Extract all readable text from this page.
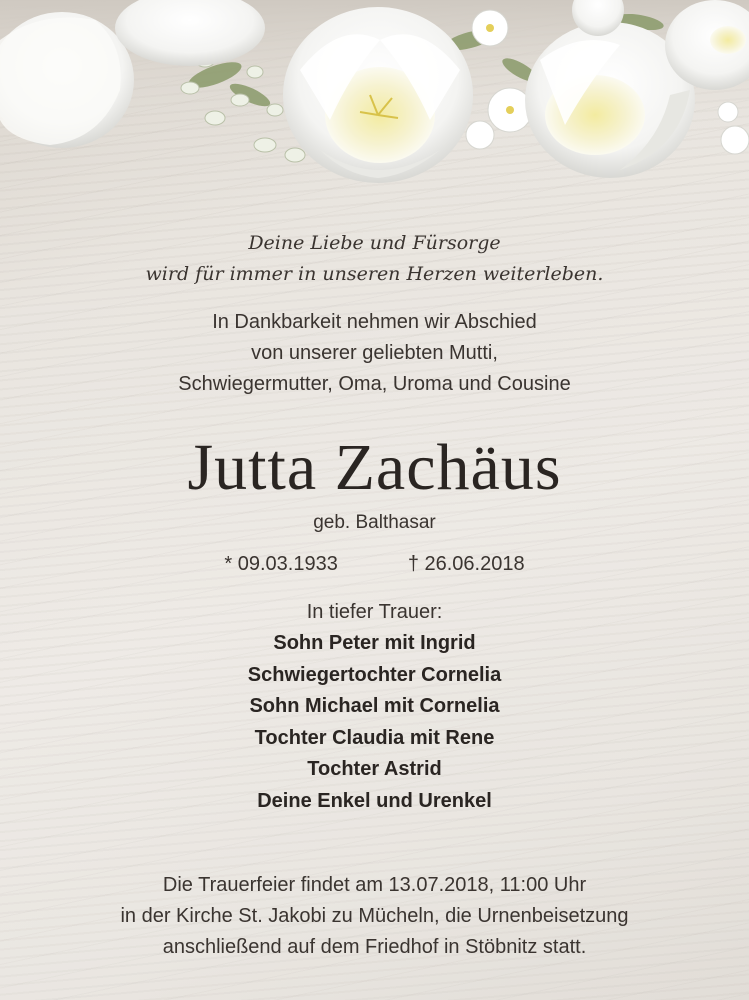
Deine Liebe und Fürsorge
wird für immer in unseren Herzen weiterleben.
In Dankbarkeit nehmen wir Abschied
von unserer geliebten Mutti,
Schwiegermutter, Oma, Uroma und Cousine
Jutta Zachäus
geb. Balthasar
* 09.03.1933	† 26.06.2018
In tiefer Trauer:
Sohn Peter mit Ingrid
Schwiegertochter Cornelia
Sohn Michael mit Cornelia
Tochter Claudia mit Rene
Tochter Astrid
Deine Enkel und Urenkel
Die Trauerfeier findet am 13.07.2018, 11:00 Uhr
in der Kirche St. Jakobi zu Mücheln, die Urnenbeisetzung
anschließend auf dem Friedhof in Stöbnitz statt.
